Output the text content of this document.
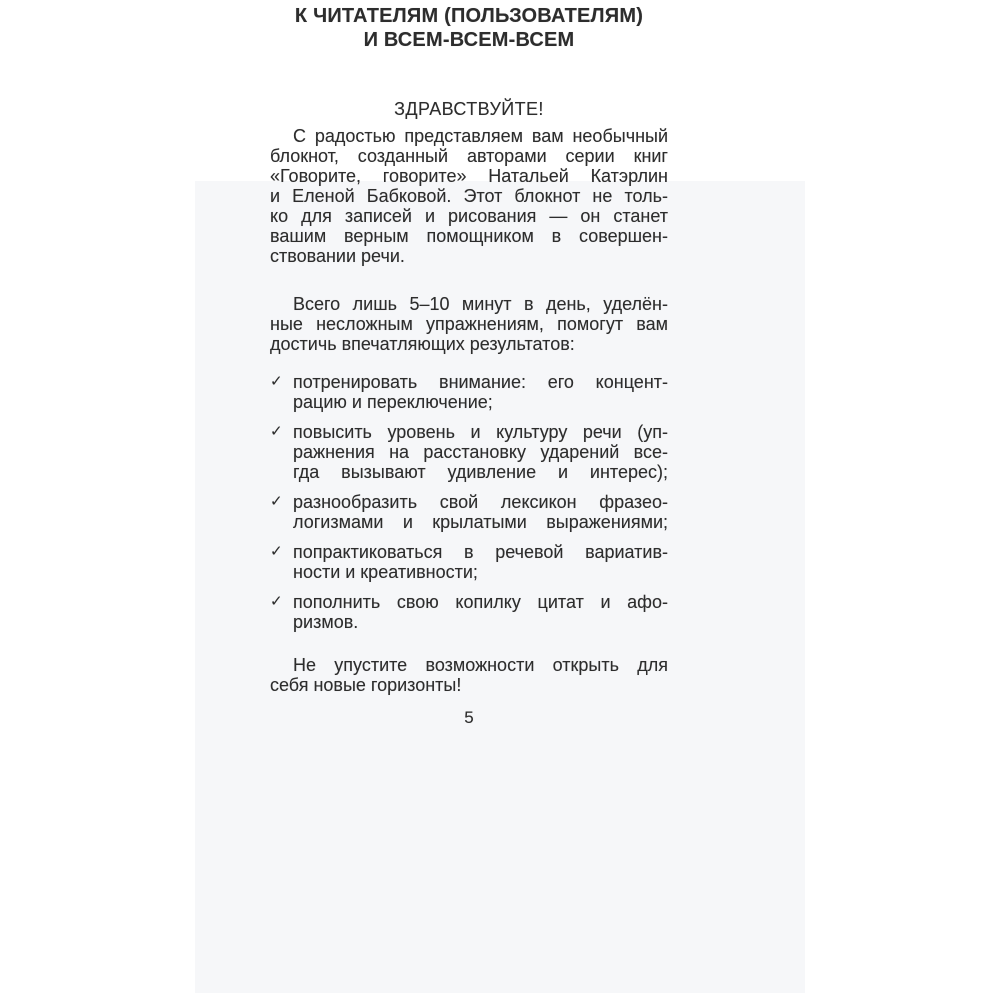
К ЧИТАТЕЛЯМ (ПОЛЬЗОВАТЕЛЯМ)
И ВСЕМ-ВСЕМ-ВСЕМ
ЗДРАВСТВУЙТЕ!
С радостью представляем вам необычный
блокнот, созданный авторами серии книг
«Говорите, говорите» Натальей Катэрлин
и Еленой Бабковой. Этот блокнот не толь-
ко для записей и рисования — он станет
вашим верным помощником в совершен-
ствовании речи.
Всего лишь 5–10 минут в день, уделён-
ные несложным упражнениям, помогут вам
достичь впечатляющих результатов:
✓ потренировать внимание: его концент-
рацию и переключение;
✓ повысить уровень и культуру речи (уп-
ражнения на расстановку ударений все-
гда вызывают удивление и интерес);
✓ разнообразить свой лексикон фразео-
логизмами и крылатыми выражениями;
✓ попрактиковаться в речевой вариатив-
ности и креативности;
✓ пополнить свою копилку цитат и афо-
ризмов.
Не упустите возможности открыть для
себя новые горизонты!
5
